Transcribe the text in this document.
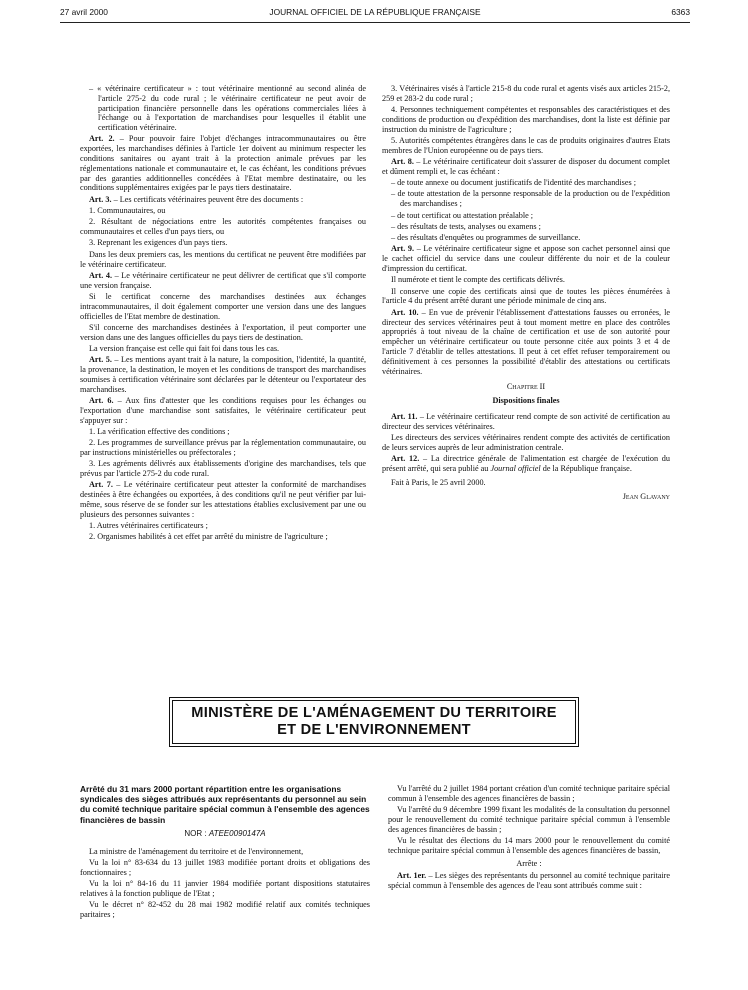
27 avril 2000	JOURNAL OFFICIEL DE LA RÉPUBLIQUE FRANÇAISE	6363

– « vétérinaire certificateur » : tout vétérinaire mentionné au second alinéa de l'article 275-2 du code rural ; le vétérinaire certificateur ne peut avoir de participation financière personnelle dans les opérations commerciales liées à l'échange ou à l'exportation de marchandises pour lesquelles il établit une certification vétérinaire.

Art. 2. – Pour pouvoir faire l'objet d'échanges intracommunautaires ou être exportées, les marchandises définies à l'article 1er doivent au minimum respecter les conditions sanitaires ou ayant trait à la protection animale prévues par les réglementations nationale et communautaire et, le cas échéant, les conditions prévues par des garanties additionnelles concédées à l'Etat membre destinataire, ou les conditions supplémentaires exigées par le pays tiers destinataire.

Art. 3. – Les certificats vétérinaires peuvent être des documents :

1. Communautaires, ou

2. Résultant de négociations entre les autorités compétentes françaises ou communautaires et celles d'un pays tiers, ou

3. Reprenant les exigences d'un pays tiers.

Dans les deux premiers cas, les mentions du certificat ne peuvent être modifiées par le vétérinaire certificateur.

Art. 4. – Le vétérinaire certificateur ne peut délivrer de certificat que s'il comporte une version française.

Si le certificat concerne des marchandises destinées aux échanges intracommunautaires, il doit également comporter une version dans une des langues officielles de l'Etat membre de destination.

S'il concerne des marchandises destinées à l'exportation, il peut comporter une version dans une des langues officielles du pays tiers de destination.

La version française est celle qui fait foi dans tous les cas.

Art. 5. – Les mentions ayant trait à la nature, la composition, l'identité, la quantité, la provenance, la destination, le moyen et les conditions de transport des marchandises soumises à certification vétérinaire sont déclarées par le détenteur ou l'exportateur des marchandises.

Art. 6. – Aux fins d'attester que les conditions requises pour les échanges ou l'exportation d'une marchandise sont satisfaites, le vétérinaire certificateur peut s'appuyer sur :

1. La vérification effective des conditions ;

2. Les programmes de surveillance prévus par la réglementation communautaire, ou par instructions ministérielles ou préfectorales ;

3. Les agréments délivrés aux établissements d'origine des marchandises, tels que prévus par l'article 275-2 du code rural.

Art. 7. – Le vétérinaire certificateur peut attester la conformité de marchandises destinées à être échangées ou exportées, à des conditions qu'il ne peut vérifier par lui-même, sous réserve de se fonder sur les attestations établies exclusivement par une ou plusieurs des personnes suivantes :

1. Autres vétérinaires certificateurs ;

2. Organismes habilités à cet effet par arrêté du ministre de l'agriculture ;

3. Vétérinaires visés à l'article 215-8 du code rural et agents visés aux articles 215-2, 259 et 283-2 du code rural ;

4. Personnes techniquement compétentes et responsables des caractéristiques et des conditions de production ou d'expédition des marchandises, dont la liste est définie par instruction du ministre de l'agriculture ;

5. Autorités compétentes étrangères dans le cas de produits originaires d'autres Etats membres de l'Union européenne ou de pays tiers.

Art. 8. – Le vétérinaire certificateur doit s'assurer de disposer du document complet et dûment rempli et, le cas échéant :

– de toute annexe ou document justificatifs de l'identité des marchandises ;

– de toute attestation de la personne responsable de la production ou de l'expédition des marchandises ;

– de tout certificat ou attestation préalable ;

– des résultats de tests, analyses ou examens ;

– des résultats d'enquêtes ou programmes de surveillance.

Art. 9. – Le vétérinaire certificateur signe et appose son cachet personnel ainsi que le cachet officiel du service dans une couleur différente du noir et de la couleur d'impression du certificat.

Il numérote et tient le compte des certificats délivrés.

Il conserve une copie des certificats ainsi que de toutes les pièces énumérées à l'article 4 du présent arrêté durant une période minimale de cinq ans.

Art. 10. – En vue de prévenir l'établissement d'attestations fausses ou erronées, le directeur des services vétérinaires peut à tout moment mettre en place des contrôles appropriés à tout niveau de la chaîne de certification et use de son autorité pour empêcher un vétérinaire certificateur ou toute personne citée aux points 3 et 4 de l'article 7 d'établir de telles attestations. Il peut à cet effet refuser temporairement ou définitivement à ces personnes la possibilité d'établir des attestations ou certificats vétérinaires.

Chapitre II

Dispositions finales

Art. 11. – Le vétérinaire certificateur rend compte de son activité de certification au directeur des services vétérinaires.

Les directeurs des services vétérinaires rendent compte des activités de certification de leurs services auprès de leur administration centrale.

Art. 12. – La directrice générale de l'alimentation est chargée de l'exécution du présent arrêté, qui sera publié au Journal officiel de la République française.

Fait à Paris, le 25 avril 2000.

Jean Glavany

MINISTÈRE DE L'AMÉNAGEMENT DU TERRITOIRE
ET DE L'ENVIRONNEMENT

Arrêté du 31 mars 2000 portant répartition entre les organisations syndicales des sièges attribués aux représentants du personnel au sein du comité technique paritaire spécial commun à l'ensemble des agences financières de bassin

NOR : ATEE0090147A

La ministre de l'aménagement du territoire et de l'environnement,

Vu la loi n° 83-634 du 13 juillet 1983 modifiée portant droits et obligations des fonctionnaires ;

Vu la loi n° 84-16 du 11 janvier 1984 modifiée portant dispositions statutaires relatives à la fonction publique de l'Etat ;

Vu le décret n° 82-452 du 28 mai 1982 modifié relatif aux comités techniques paritaires ;

Vu l'arrêté du 2 juillet 1984 portant création d'un comité technique paritaire spécial commun à l'ensemble des agences financières de bassin ;

Vu l'arrêté du 9 décembre 1999 fixant les modalités de la consultation du personnel pour le renouvellement du comité technique paritaire spécial commun à l'ensemble des agences financières de bassin ;

Vu le résultat des élections du 14 mars 2000 pour le renouvellement du comité technique paritaire spécial commun à l'ensemble des agences financières de bassin,

Arrête :

Art. 1er. – Les sièges des représentants du personnel au comité technique paritaire spécial commun à l'ensemble des agences de l'eau sont attribués comme suit :
